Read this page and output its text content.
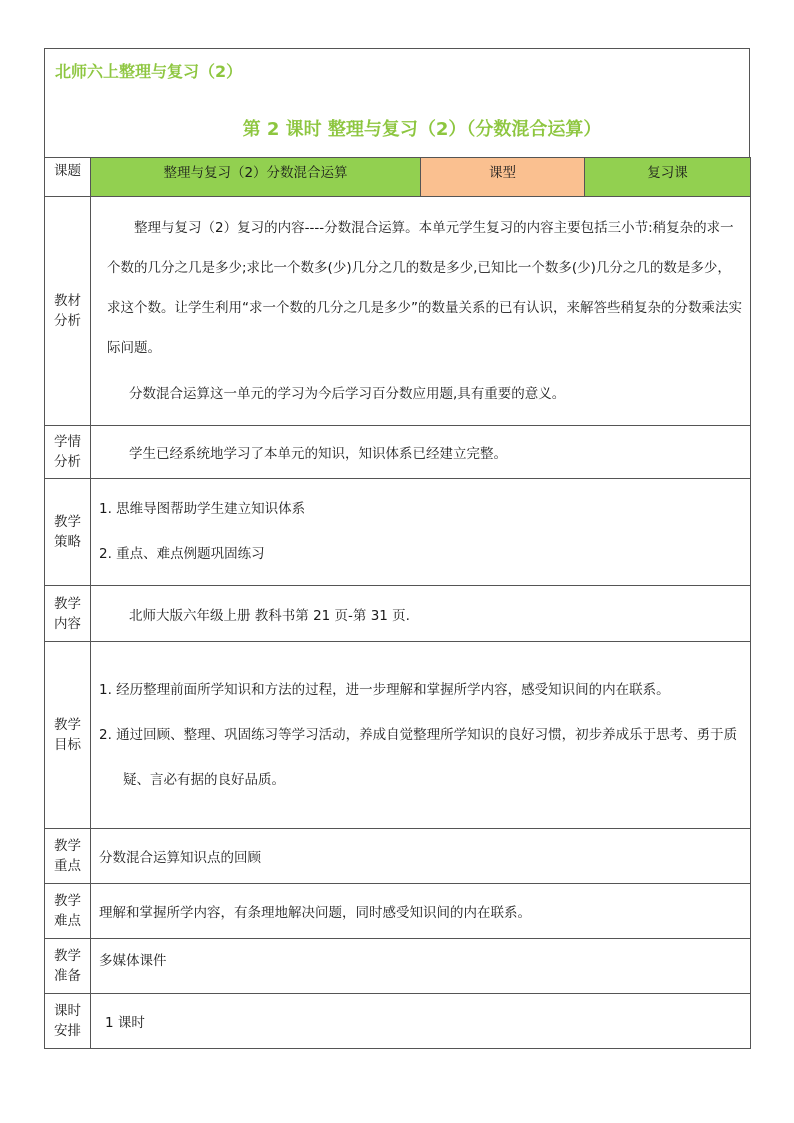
北师六上整理与复习（2）
第 2 课时 整理与复习（2）（分数混合运算）
课题	整理与复习（2）分数混合运算	课型	复习课

教材分析	整理与复习（2）复习的内容----分数混合运算。本单元学生复习的内容主要包括三小节:稍复杂的求一个数的几分之几是多少;求比一个数多(少)几分之几的数是多少,已知比一个数多(少)几分之几的数是多少，求这个数。让学生利用“求一个数的几分之几是多少”的数量关系的已有认识，来解答些稍复杂的分数乘法实际问题。

分数混合运算这一单元的学习为今后学习百分数应用题,具有重要的意义。		

学情分析	学生已经系统地学习了本单元的知识，知识体系已经建立完整。		

教学策略	1. 思维导图帮助学生建立知识体系
2. 重点、难点例题巩固练习		

教学内容	北师大版六年级上册 教科书第 21 页-第 31 页.		

教学目标	1. 经历整理前面所学知识和方法的过程，进一步理解和掌握所学内容，感受知识间的内在联系。
2. 通过回顾、整理、巩固练习等学习活动，养成自觉整理所学知识的良好习惯，初步养成乐于思考、勇于质疑、言必有据的良好品质。		

教学重点	分数混合运算知识点的回顾		

教学难点	理解和掌握所学内容，有条理地解决问题，同时感受知识间的内在联系。		

教学准备	多媒体课件		

课时安排	1 课时		
